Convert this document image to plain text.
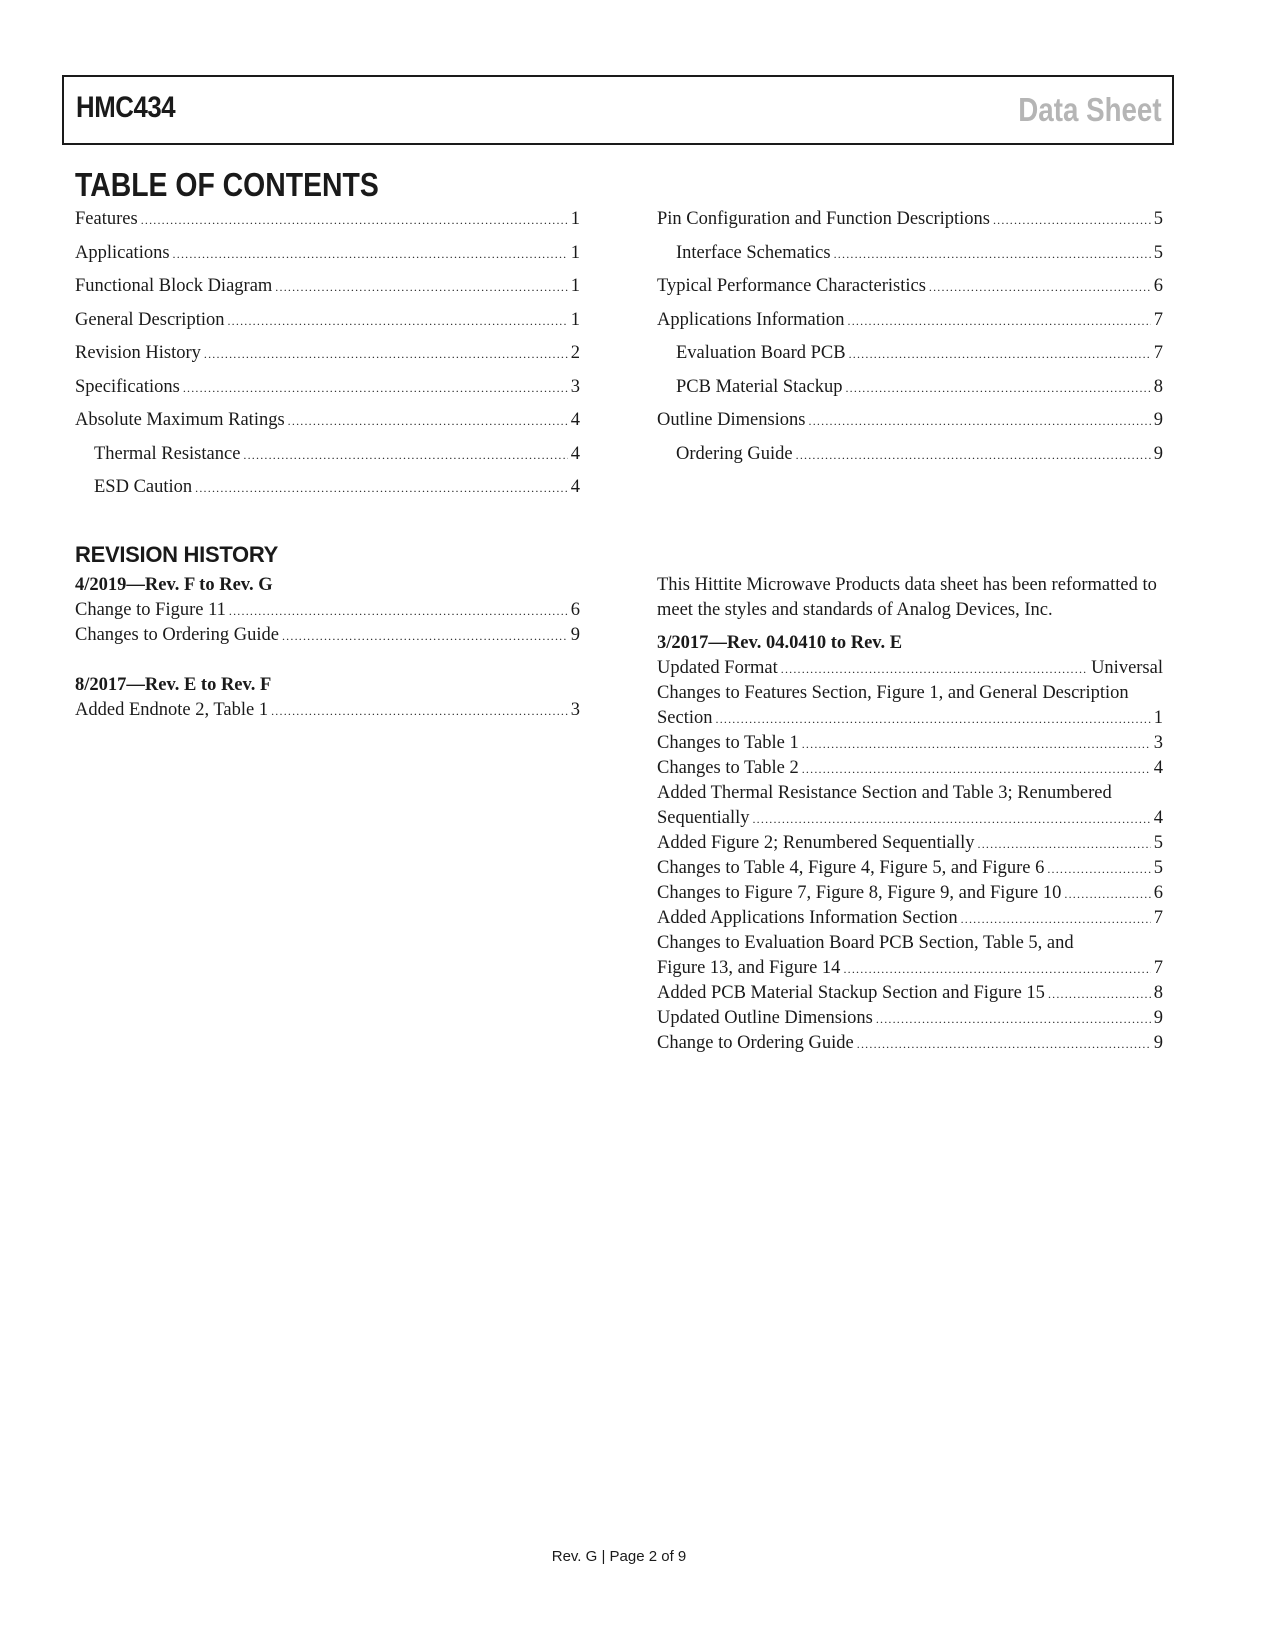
HMC434	Data Sheet
TABLE OF CONTENTS
Features .....	1
Applications .....	1
Functional Block Diagram .....	1
General Description .....	1
Revision History .....	2
Specifications .....	3
Absolute Maximum Ratings .....	4
Thermal Resistance .....	4
ESD Caution .....	4
Pin Configuration and Function Descriptions .....	5
Interface Schematics .....	5
Typical Performance Characteristics .....	6
Applications Information .....	7
Evaluation Board PCB .....	7
PCB Material Stackup .....	8
Outline Dimensions .....	9
Ordering Guide .....	9
REVISION HISTORY
4/2019—Rev. F to Rev. G
Change to Figure 11 .....	6
Changes to Ordering Guide .....	9
8/2017—Rev. E to Rev. F
Added Endnote 2, Table 1 .....	3
This Hittite Microwave Products data sheet has been reformatted to meet the styles and standards of Analog Devices, Inc.
3/2017—Rev. 04.0410 to Rev. E
Updated Format .....	Universal
Changes to Features Section, Figure 1, and General Description
Section .....	1
Changes to Table 1 .....	3
Changes to Table 2 .....	4
Added Thermal Resistance Section and Table 3; Renumbered
Sequentially .....	4
Added Figure 2; Renumbered Sequentially .....	5
Changes to Table 4, Figure 4, Figure 5, and Figure 6 .....	5
Changes to Figure 7, Figure 8, Figure 9, and Figure 10 .....	6
Added Applications Information Section .....	7
Changes to Evaluation Board PCB Section, Table 5, and
Figure 13, and Figure 14 .....	7
Added PCB Material Stackup Section and Figure 15 .....	8
Updated Outline Dimensions .....	9
Change to Ordering Guide .....	9
Rev. G | Page 2 of 9
